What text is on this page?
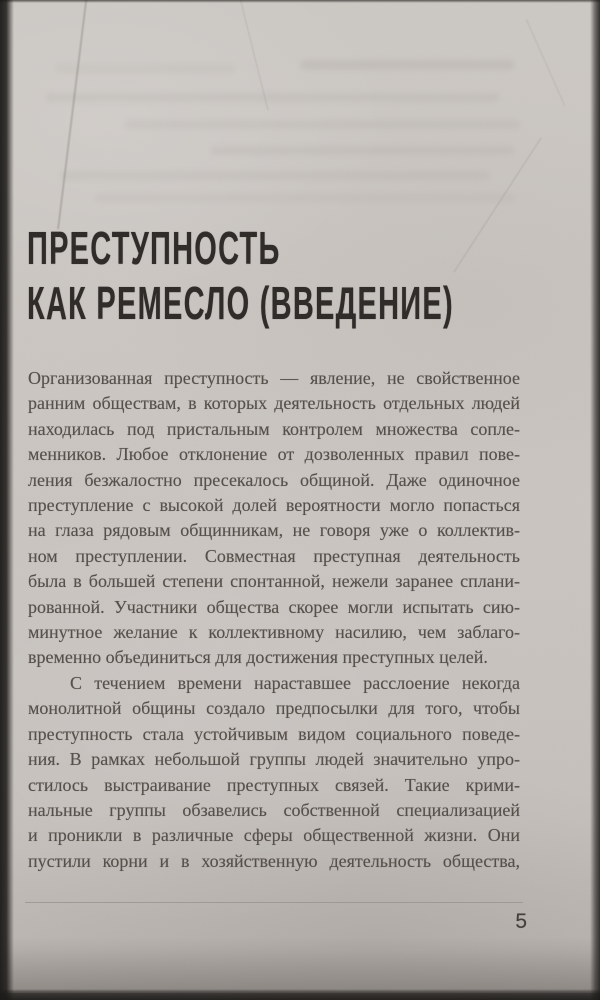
ПРЕСТУПНОСТЬ
КАК РЕМЕСЛО (ВВЕДЕНИЕ)
Организованная преступность — явление, не свойственное
ранним обществам, в которых деятельность отдельных людей
находилась под пристальным контролем множества сопле-
менников. Любое отклонение от дозволенных правил пове-
ления безжалостно пресекалось общиной. Даже одиночное
преступление с высокой долей вероятности могло попасться
на глаза рядовым общинникам, не говоря уже о коллектив-
ном преступлении. Совместная преступная деятельность
была в большей степени спонтанной, нежели заранее сплани-
рованной. Участники общества скорее могли испытать сию-
минутное желание к коллективному насилию, чем заблаго-
временно объединиться для достижения преступных целей.
С течением времени нараставшее расслоение некогда
монолитной общины создало предпосылки для того, чтобы
преступность стала устойчивым видом социального поведе-
ния. В рамках небольшой группы людей значительно упро-
стилось выстраивание преступных связей. Такие крими-
нальные группы обзавелись собственной специализацией
и проникли в различные сферы общественной жизни. Они
пустили корни и в хозяйственную деятельность общества,
5
